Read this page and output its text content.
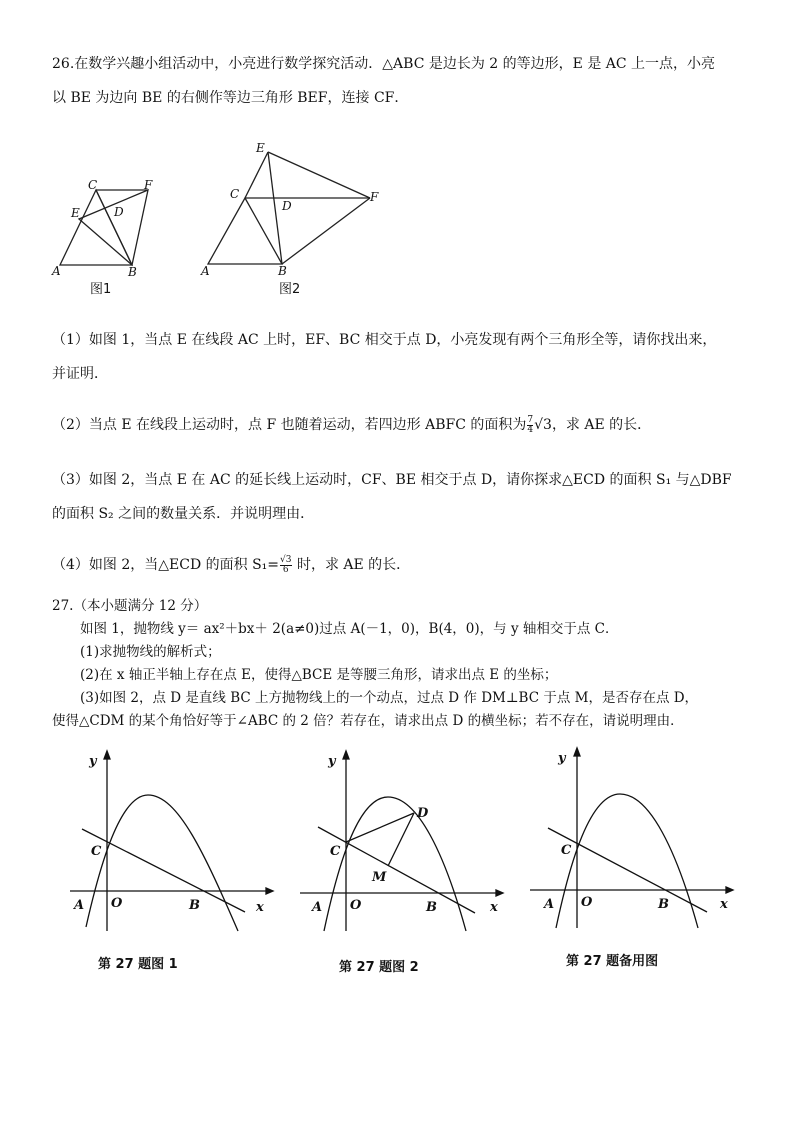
26.在数学兴趣小组活动中，小亮进行数学探究活动．△ABC 是边长为 2 的等边形，E 是 AC 上一点，小亮
以 BE 为边向 BE 的右侧作等边三角形 BEF，连接 CF．
C	F
E	D
A	B
图1
E
C
D
F
A	B
图2
（1）如图 1，当点 E 在线段 AC 上时，EF、BC 相交于点 D，小亮发现有两个三角形全等，请你找出来，
并证明．
（2）当点 E 在线段上运动时，点 F 也随着运动，若四边形 ABFC 的面积为 $\frac{7}{4} √3$，求 AE 的长．
（3）如图 2，当点 E 在 AC 的延长线上运动时，CF、BE 相交于点 D，请你探求△ECD 的面积 S₁ 与△DBF
的面积 S₂ 之间的数量关系．并说明理由．
（4）如图 2，当△ECD 的面积 $S_1= \frac{√3}{6}$ 时，求 AE 的长．
27.（本小题满分 12 分）
如图 1，抛物线 y＝ ax²＋bx＋ 2(a≠0)过点 A(－1，0)，B(4，0)，与 y 轴相交于点 C．
(1)求抛物线的解析式；
(2)在 x 轴正半轴上存在点 E，使得△BCE 是等腰三角形，请求出点 E 的坐标；
(3)如图 2，点 D 是直线 BC 上方抛物线上的一个动点，过点 D 作 DM⊥BC 于点 M，是否存在点 D，
使得△CDM 的某个角恰好等于∠ABC 的 2 倍？若存在，请求出点 D 的横坐标；若不存在，请说明理由．
y
C
A O	B	x
第 27 题图 1
y
D
C
M
A O	B	x
第 27 题图 2
y
C
A O	B	x
第 27 题备用图
